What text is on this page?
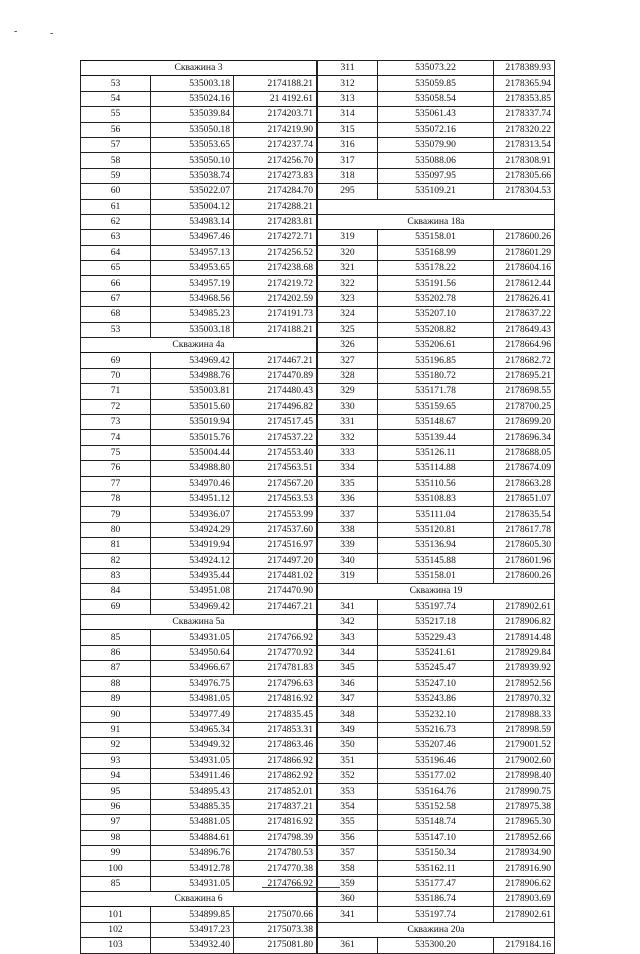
-	-
Скважина 3		
53	535003.18	2174188.21
54	535024.16	21 4192.61
55	535039.84	2174203.71
56	535050.18	2174219.90
57	535053.65	2174237.74
58	535050.10	2174256.70
59	535038.74	2174273.83
60	535022.07	2174284.70
61	535004.12	2174288.21
62	534983.14	2174283.81
63	534967.46	2174272.71
64	534957.13	2174256.52
65	534953.65	2174238.68
66	534957.19	2174219.72
67	534968.56	2174202.59
68	534985.23	2174191.73
53	535003.18	2174188.21
Скважина 4а		
69	534969.42	2174467.21
70	534988.76	2174470.89
71	535003.81	2174480.43
72	535015.60	2174496.82
73	535019.94	2174517.45
74	535015.76	2174537.22
75	535004.44	2174553.40
76	534988.80	2174563.51
77	534970.46	2174567.20
78	534951.12	2174563.53
79	534936.07	2174553.99
80	534924.29	2174537.60
81	534919.94	2174516.97
82	534924.12	2174497.20
83	534935.44	2174481.02
84	534951.08	2174470.90
69	534969.42	2174467.21
Скважина 5а		
85	534931.05	2174766.92
86	534950.64	2174770.92
87	534966.67	2174781.83
88	534976.75	2174796.63
89	534981.05	2174816.92
90	534977.49	2174835.45
91	534965.34	2174853.31
92	534949.32	2174863.46
93	534931.05	2174866.92
94	534911.46	2174862.92
95	534895.43	2174852.01
96	534885.35	2174837.21
97	534881.05	2174816.92
98	534884.61	2174798.39
99	534896.76	2174780.53
100	534912.78	2174770.38
85	534931.05	2174766.92
Скважина 6		
101	534899.85	2175070.66
102	534917.23	2175073.38
103	534932.40	2175081.80
311	535073.22	2178389.93
312	535059.85	2178365.94
313	535058.54	2178353.85
314	535061.43	2178337.74
315	535072.16	2178320.22
316	535079.90	2178313.54
317	535088.06	2178308.91
318	535097.95	2178305.66
295	535109.21	2178304.53

Скважина 18а		
319	535158.01	2178600.26
320	535168.99	2178601.29
321	535178.22	2178604.16
322	535191.56	2178612.44
323	535202.78	2178626.41
324	535207.10	2178637.22
325	535208.82	2178649.43
326	535206.61	2178664.96
327	535196.85	2178682.72
328	535180.72	2178695.21
329	535171.78	2178698.55
330	535159.65	2178700.25
331	535148.67	2178699.20
332	535139.44	2178696.34
333	535126.11	2178688.05
334	535114.88	2178674.09
335	535110.56	2178663.28
336	535108.83	2178651.07
337	535111.04	2178635.54
338	535120.81	2178617.78
339	535136.94	2178605.30
340	535145.88	2178601.96
319	535158.01	2178600.26
Скважина 19		
341	535197.74	2178902.61
342	535217.18	2178906.82
343	535229.43	2178914.48
344	535241.61	2178929.84
345	535245.47	2178939.92
346	535247.10	2178952.56
347	535243.86	2178970.32
348	535232.10	2178988.33
349	535216.73	2178998.59
350	535207.46	2179001.52
351	535196.46	2179002.60
352	535177.02	2178998.40
353	535164.76	2178990.75
354	535152.58	2178975.38
355	535148.74	2178965.30
356	535147.10	2178952.66
357	535150.34	2178934.90
358	535162.11	2178916.90
359	535177.47	2178906.62
360	535186.74	2178903.69
341	535197.74	2178902.61
Скважина 20а		
361	535300.20	2179184.16
